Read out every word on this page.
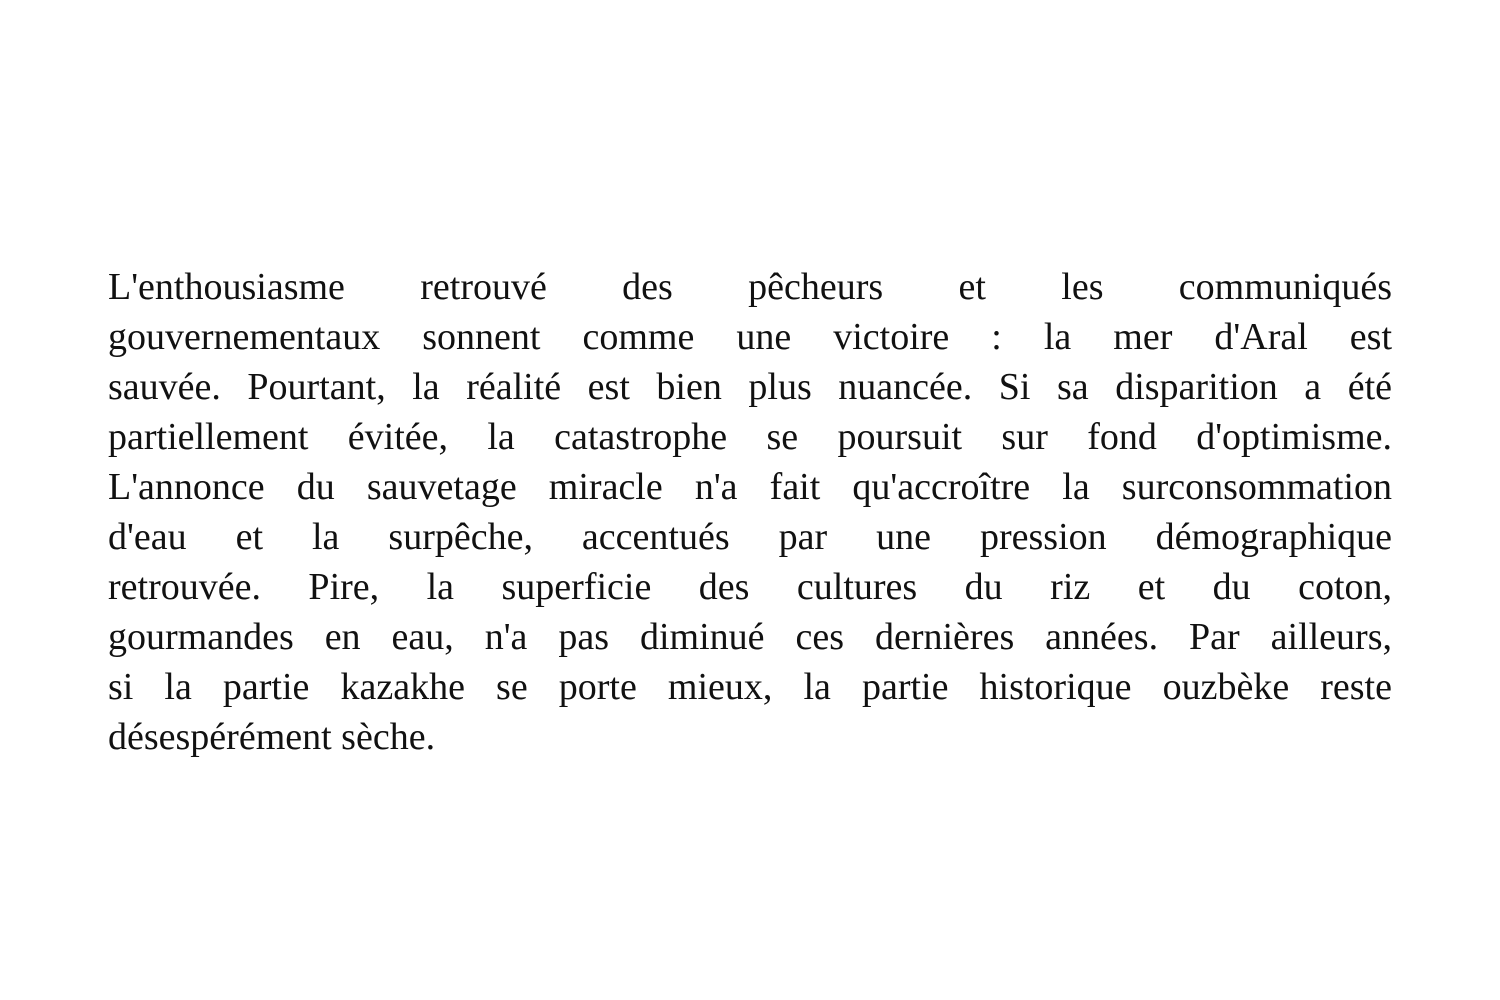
L'enthousiasme retrouvé des pêcheurs et les communiqués
gouvernementaux sonnent comme une victoire : la mer d'Aral est
sauvée. Pourtant, la réalité est bien plus nuancée. Si sa disparition a été
partiellement évitée, la catastrophe se poursuit sur fond d'optimisme.
L'annonce du sauvetage miracle n'a fait qu'accroître la surconsommation
d'eau et la surpêche, accentués par une pression démographique
retrouvée. Pire, la superficie des cultures du riz et du coton,
gourmandes en eau, n'a pas diminué ces dernières années. Par ailleurs,
si la partie kazakhe se porte mieux, la partie historique ouzbèke reste
désespérément sèche.
